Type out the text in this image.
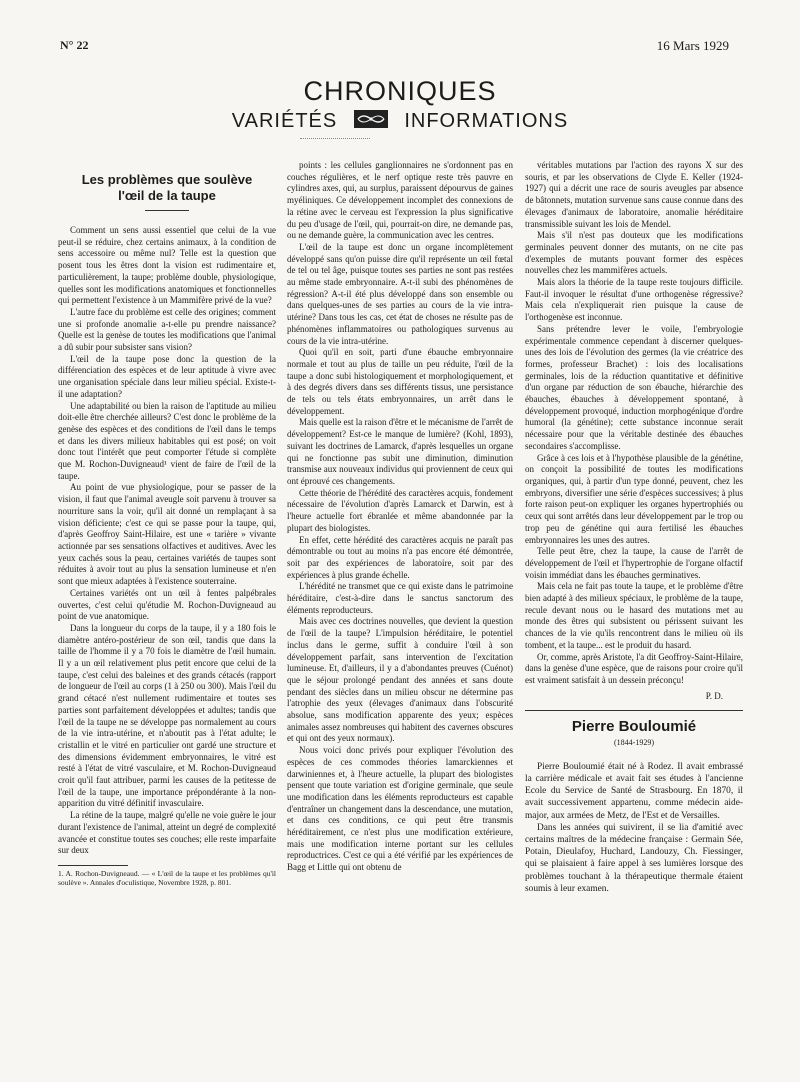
N° 22	16 Mars 1929
CHRONIQUES
VARIÉTÉS	INFORMATIONS
Les problèmes que soulève
l'œil de la taupe

Comment un sens aussi essentiel que celui de la vue peut-il se réduire, chez certains animaux, à la condition de sens accessoire ou même nul? Telle est la question que posent tous les êtres dont la vision est rudimentaire et, particulièrement, la taupe; problème double, physiologique, quelles sont les modifications anatomiques et fonctionnelles qui permettent l'existence à un Mammifère privé de la vue?

L'autre face du problème est celle des origines; comment une si profonde anomalie a-t-elle pu prendre naissance? Quelle est la genèse de toutes les modifications que l'animal a dû subir pour subsister sans vision?

L'œil de la taupe pose donc la question de la différenciation des espèces et de leur aptitude à vivre avec une organisation spéciale dans leur milieu spécial. Existe-t-il une adaptation?

Une adaptabilité ou bien la raison de l'aptitude au milieu doit-elle être cherchée ailleurs? C'est donc le problème de la genèse des espèces et des conditions de l'œil dans le temps et dans les divers milieux habitables qui est posé; on voit donc tout l'intérêt que peut comporter l'étude si complète que M. Rochon-Duvigneaud¹ vient de faire de l'œil de la taupe.

Au point de vue physiologique, pour se passer de la vision, il faut que l'animal aveugle soit parvenu à trouver sa nourriture sans la voir, qu'il ait donné un remplaçant à sa vision déficiente; c'est ce qui se passe pour la taupe, qui, d'après Geoffroy Saint-Hilaire, est une « tarière » vivante actionnée par ses sensations olfactives et auditives. Avec les yeux cachés sous la peau, certaines variétés de taupes sont réduites à avoir tout au plus la sensation lumineuse et n'en sont que mieux adaptées à l'existence souterraine.

Certaines variétés ont un œil à fentes palpébrales ouvertes, c'est celui qu'étudie M. Rochon-Duvigneaud au point de vue anatomique.

Dans la longueur du corps de la taupe, il y a 180 fois le diamètre antéro-postérieur de son œil, tandis que dans la taille de l'homme il y a 70 fois le diamètre de l'œil humain. Il y a un œil relativement plus petit encore que celui de la taupe, c'est celui des baleines et des grands cétacés (rapport de longueur de l'œil au corps (1 à 250 ou 300). Mais l'œil du grand cétacé n'est nullement rudimentaire et toutes ses parties sont parfaitement développées et adultes; tandis que l'œil de la taupe ne se développe pas normalement au cours de la vie intra-utérine, et n'aboutit pas à l'état adulte; le cristallin et le vitré en particulier ont gardé une structure et des dimensions évidemment embryonnaires, le vitré est resté à l'état de vitré vasculaire, et M. Rochon-Duvigneaud croit qu'il faut attribuer, parmi les causes de la petitesse de l'œil de la taupe, une importance prépondérante à la non-apparition du vitré définitif invasculaire.

La rétine de la taupe, malgré qu'elle ne voie guère le jour durant l'existence de l'animal, atteint un degré de complexité avancée et constitue toutes ses couches; elle reste imparfaite sur deux

1. A. Rochon-Duvigneaud. — « L'œil de la taupe et les problèmes qu'il soulève ». Annales d'oculistique, Novembre 1928, p. 801.

points : les cellules ganglionnaires ne s'ordonnent pas en couches régulières, et le nerf optique reste très pauvre en cylindres axes, qui, au surplus, paraissent dépourvus de gaines myéliniques. Ce développement incomplet des connexions de la rétine avec le cerveau est l'expression la plus significative du peu d'usage de l'œil, qui, pourrait-on dire, ne demande pas, ou ne demande guère, la communication avec les centres.

L'œil de la taupe est donc un organe incomplètement développé sans qu'on puisse dire qu'il représente un œil fœtal de tel ou tel âge, puisque toutes ses parties ne sont pas restées au même stade embryonnaire. A-t-il subi des phénomènes de régression? A-t-il été plus développé dans son ensemble ou dans quelques-unes de ses parties au cours de la vie intra-utérine? Dans tous les cas, cet état de choses ne résulte pas de phénomènes inflammatoires ou pathologiques survenus au cours de la vie intra-utérine.

Quoi qu'il en soit, parti d'une ébauche embryonnaire normale et tout au plus de taille un peu réduite, l'œil de la taupe a donc subi histologiquement et morphologiquement, et à des degrés divers dans ses différents tissus, une persistance de tels ou tels états embryonnaires, un arrêt dans le développement.

Mais quelle est la raison d'être et le mécanisme de l'arrêt de développement? Est-ce le manque de lumière? (Kohl, 1893), suivant les doctrines de Lamarck, d'après lesquelles un organe qui ne fonctionne pas subit une diminution, diminution transmise aux nouveaux individus qui proviennent de ceux qui ont éprouvé ces changements.

Cette théorie de l'hérédité des caractères acquis, fondement nécessaire de l'évolution d'après Lamarck et Darwin, est à l'heure actuelle fort ébranlée et même abandonnée par la plupart des biologistes.

En effet, cette hérédité des caractères acquis ne paraît pas démontrable ou tout au moins n'a pas encore été démontrée, soit par des expériences de laboratoire, soit par des expériences à plus grande échelle.

L'hérédité ne transmet que ce qui existe dans le patrimoine héréditaire, c'est-à-dire dans le sanctus sanctorum des éléments reproducteurs.

Mais avec ces doctrines nouvelles, que devient la question de l'œil de la taupe? L'impulsion héréditaire, le potentiel inclus dans le germe, suffit à conduire l'œil à son développement parfait, sans intervention de l'excitation lumineuse. Et, d'ailleurs, il y a d'abondantes preuves (Cuénot) que le séjour prolongé pendant des années et sans doute pendant des siècles dans un milieu obscur ne détermine pas l'atrophie des yeux (élevages d'animaux dans l'obscurité absolue, sans modification apparente des yeux; espèces animales assez nombreuses qui habitent des cavernes obscures et qui ont des yeux normaux).

Nous voici donc privés pour expliquer l'évolution des espèces de ces commodes théories lamarckiennes et darwiniennes et, à l'heure actuelle, la plupart des biologistes pensent que toute variation est d'origine germinale, que seule une modification dans les éléments reproducteurs est capable d'entraîner un changement dans la descendance, une mutation, et dans ces conditions, ce qui peut être transmis héréditairement, ce n'est plus une modification extérieure, mais une modification interne portant sur les cellules reproductrices. C'est ce qui a été vérifié par les expériences de Bagg et Little qui ont obtenu de

véritables mutations par l'action des rayons X sur des souris, et par les observations de Clyde E. Keller (1924-1927) qui a décrit une race de souris aveugles par absence de bâtonnets, mutation survenue sans cause connue dans des élevages d'animaux de laboratoire, anomalie héréditaire transmissible suivant les lois de Mendel.

Mais s'il n'est pas douteux que les modifications germinales peuvent donner des mutants, on ne cite pas d'exemples de mutants pouvant former des espèces nouvelles chez les mammifères actuels.

Mais alors la théorie de la taupe reste toujours difficile. Faut-il invoquer le résultat d'une orthogenèse régressive? Mais cela n'expliquerait rien puisque la cause de l'orthogenèse est inconnue.

Sans prétendre lever le voile, l'embryologie expérimentale commence cependant à discerner quelques-unes des lois de l'évolution des germes (la vie créatrice des formes, professeur Brachet) : lois des localisations germinales, lois de la réduction quantitative et définitive d'un organe par réduction de son ébauche, hiérarchie des ébauches, ébauches à développement spontané, à développement provoqué, induction morphogénique d'ordre humoral (la génétine); cette substance inconnue serait nécessaire pour que la véritable destinée des ébauches secondaires s'accomplisse.

Grâce à ces lois et à l'hypothèse plausible de la génétine, on conçoit la possibilité de toutes les modifications organiques, qui, à partir d'un type donné, peuvent, chez les embryons, diversifier une série d'espèces successives; à plus forte raison peut-on expliquer les organes hypertrophiés ou ceux qui sont arrêtés dans leur développement par le trop ou trop peu de génétine qui aura fertilisé les ébauches embryonnaires les unes des autres.

Telle peut être, chez la taupe, la cause de l'arrêt de développement de l'œil et l'hypertrophie de l'organe olfactif voisin immédiat dans les ébauches germinatives.

Mais cela ne fait pas toute la taupe, et le problème d'être bien adapté à des milieux spéciaux, le problème de la taupe, recule devant nous ou le hasard des mutations met au monde des êtres qui subsistent ou périssent suivant les chances de la vie qu'ils rencontrent dans le milieu où ils tombent, et la taupe... est le produit du hasard.

Or, comme, après Aristote, l'a dit Geoffroy-Saint-Hilaire, dans la genèse d'une espèce, que de raisons pour croire qu'il est vraiment satisfait à un dessein préconçu!

P. D.

Pierre Bouloumié
(1844-1929)

Pierre Bouloumié était né à Rodez. Il avait embrassé la carrière médicale et avait fait ses études à l'ancienne Ecole du Service de Santé de Strasbourg. En 1870, il avait successivement appartenu, comme médecin aide-major, aux armées de Metz, de l'Est et de Versailles.

Dans les années qui suivirent, il se lia d'amitié avec certains maîtres de la médecine française : Germain Sée, Potain, Dieulafoy, Huchard, Landouzy, Ch. Fiessinger, qui se plaisaient à faire appel à ses lumières lorsque des problèmes touchant à la thérapeutique thermale étaient soumis à leur examen.
